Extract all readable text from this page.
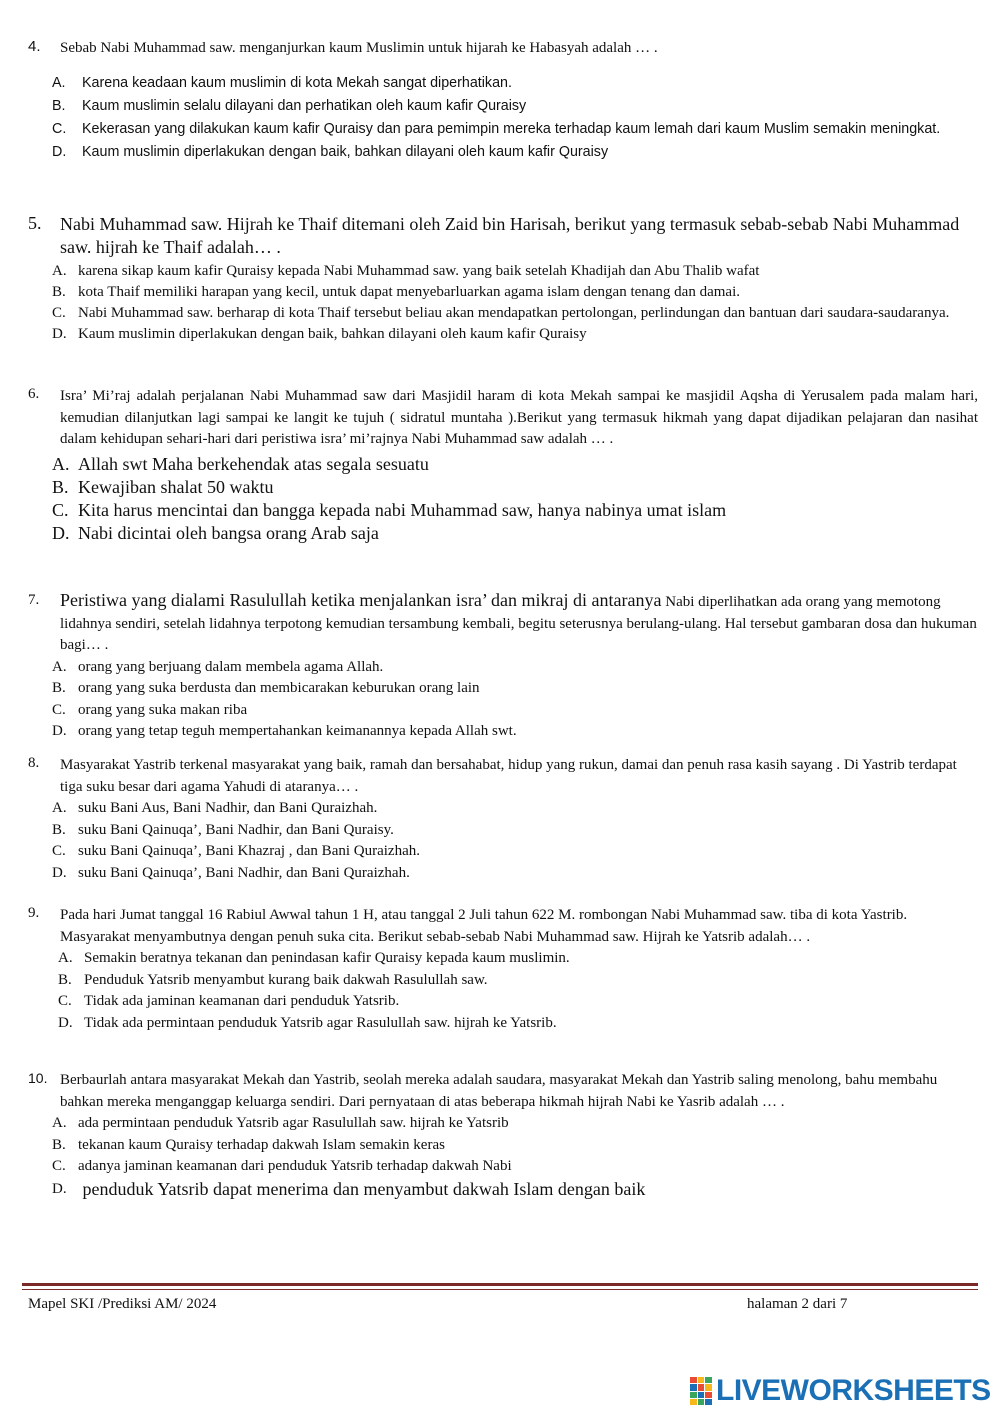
4.	Sebab Nabi Muhammad saw. menganjurkan kaum Muslimin untuk hijarah ke Habasyah adalah … .
A.	Karena keadaan kaum muslimin di kota Mekah sangat diperhatikan.
B.	Kaum muslimin selalu dilayani dan perhatikan oleh kaum kafir Quraisy
C.	Kekerasan yang dilakukan kaum kafir Quraisy dan para pemimpin mereka terhadap kaum lemah dari kaum Muslim semakin meningkat.
D.	Kaum muslimin diperlakukan dengan baik, bahkan dilayani oleh kaum kafir Quraisy
5.	Nabi Muhammad saw. Hijrah ke Thaif ditemani oleh Zaid bin Harisah, berikut yang termasuk sebab-sebab Nabi Muhammad saw. hijrah ke Thaif adalah… .
A. karena sikap kaum kafir Quraisy kepada Nabi Muhammad saw. yang baik setelah Khadijah dan Abu Thalib wafat
B. kota Thaif memiliki harapan yang kecil, untuk dapat menyebarluarkan agama islam dengan tenang dan damai.
C. Nabi Muhammad saw. berharap di kota Thaif tersebut beliau akan mendapatkan pertolongan, perlindungan dan bantuan dari saudara-saudaranya.
D. Kaum muslimin diperlakukan dengan baik, bahkan dilayani oleh kaum kafir Quraisy
6.	Isra’ Mi’raj adalah perjalanan Nabi Muhammad saw dari Masjidil haram di kota Mekah sampai ke masjidil Aqsha di Yerusalem pada malam hari, kemudian dilanjutkan lagi sampai ke langit ke tujuh ( sidratul muntaha ).Berikut yang termasuk hikmah yang dapat dijadikan pelajaran dan nasihat dalam kehidupan sehari-hari dari peristiwa isra’ mi’rajnya Nabi Muhammad saw adalah … .
A. Allah swt Maha berkehendak atas segala sesuatu
B. Kewajiban shalat 50 waktu
C. Kita harus mencintai dan bangga kepada nabi Muhammad saw, hanya nabinya umat islam
D. Nabi dicintai oleh bangsa orang Arab saja
7.	Peristiwa yang dialami Rasulullah ketika menjalankan isra’ dan mikraj di antaranya Nabi diperlihatkan ada orang yang memotong lidahnya sendiri, setelah lidahnya terpotong kemudian tersambung kembali, begitu seterusnya berulang-ulang. Hal tersebut gambaran dosa dan hukuman bagi… .
A. orang yang berjuang dalam membela agama Allah.
B. orang yang suka berdusta dan membicarakan keburukan orang lain
C. orang yang suka makan riba
D. orang yang tetap teguh mempertahankan keimanannya kepada Allah swt.
8.	Masyarakat Yastrib terkenal masyarakat yang baik, ramah dan bersahabat, hidup yang rukun, damai dan penuh rasa kasih sayang . Di Yastrib terdapat tiga suku besar dari agama Yahudi di ataranya… .
A. suku Bani Aus, Bani Nadhir, dan Bani Quraizhah.
B. suku Bani Qainuqa’, Bani Nadhir, dan Bani Quraisy.
C. suku Bani Qainuqa’, Bani Khazraj , dan Bani Quraizhah.
D. suku Bani Qainuqa’, Bani Nadhir, dan Bani Quraizhah.
9.	Pada hari Jumat tanggal 16 Rabiul Awwal tahun 1 H, atau tanggal 2 Juli tahun 622 M. rombongan Nabi Muhammad saw. tiba di kota Yastrib. Masyarakat menyambutnya dengan penuh suka cita. Berikut sebab-sebab Nabi Muhammad saw. Hijrah ke Yatsrib adalah… .
A. Semakin beratnya tekanan dan penindasan kafir Quraisy kepada kaum muslimin.
B. Penduduk Yatsrib menyambut kurang baik dakwah Rasulullah saw.
C. Tidak ada jaminan keamanan dari penduduk Yatsrib.
D. Tidak ada permintaan penduduk Yatsrib agar Rasulullah saw. hijrah ke Yatsrib.
10. Berbaurlah antara masyarakat Mekah dan Yastrib, seolah mereka adalah saudara, masyarakat Mekah dan Yastrib saling menolong, bahu membahu bahkan mereka menganggap keluarga sendiri. Dari pernyataan di atas beberapa hikmah hijrah Nabi ke Yasrib adalah … .
A. ada permintaan penduduk Yatsrib agar Rasulullah saw. hijrah ke Yatsrib
B. tekanan kaum Quraisy terhadap dakwah Islam semakin keras
C. adanya jaminan keamanan dari penduduk Yatsrib terhadap dakwah Nabi
D. penduduk Yatsrib dapat menerima dan menyambut dakwah Islam dengan baik
Mapel SKI /Prediksi AM/ 2024	halaman 2 dari 7
LIVEWORKSHEETS
